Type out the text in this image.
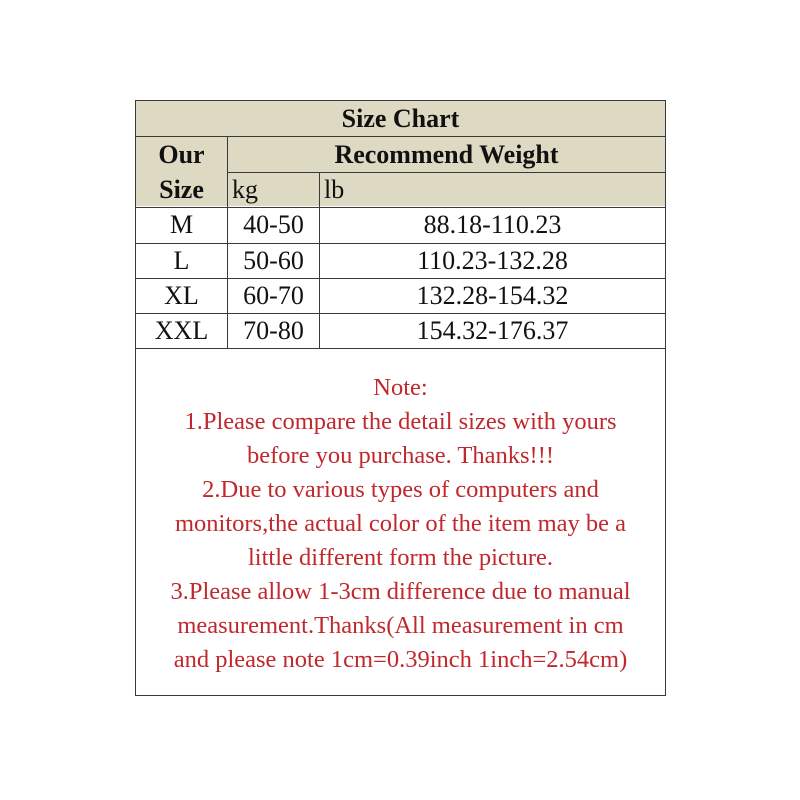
Size Chart
Our
Size
Recommend Weight
kg	lb
M	40-50	88.18-110.23
L	50-60	110.23-132.28
XL	60-70	132.28-154.32
XXL	70-80	154.32-176.37
Note:
1.Please compare the detail sizes with yours
before you purchase. Thanks!!!
2.Due to various types of computers and
monitors,the actual color of the item may be a
little different form the picture.
3.Please allow 1-3cm difference due to manual
measurement.Thanks(All measurement in cm
and please note 1cm=0.39inch 1inch=2.54cm)
